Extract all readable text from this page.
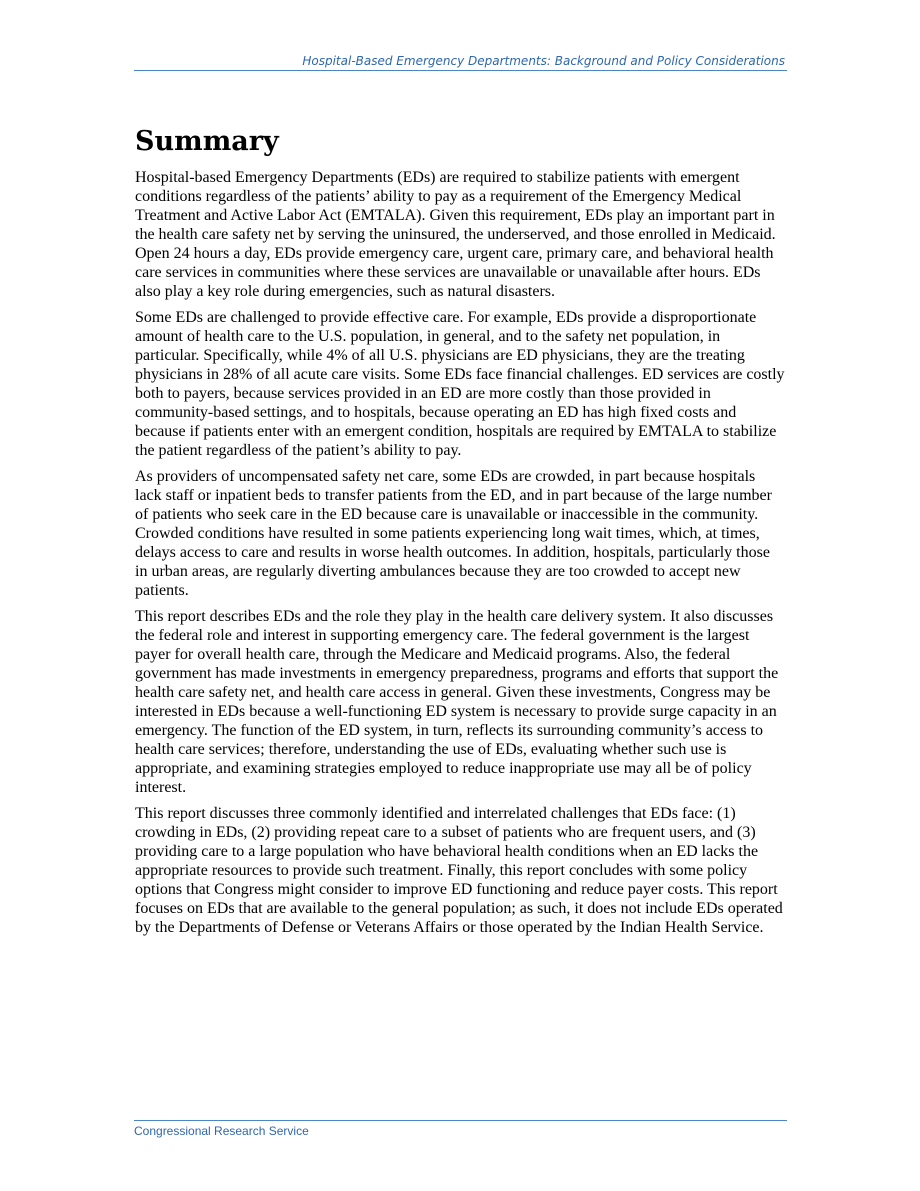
Hospital-Based Emergency Departments: Background and Policy Considerations
Summary

Hospital-based Emergency Departments (EDs) are required to stabilize patients with emergent conditions regardless of the patients’ ability to pay as a requirement of the Emergency Medical Treatment and Active Labor Act (EMTALA). Given this requirement, EDs play an important part in the health care safety net by serving the uninsured, the underserved, and those enrolled in Medicaid. Open 24 hours a day, EDs provide emergency care, urgent care, primary care, and behavioral health care services in communities where these services are unavailable or unavailable after hours. EDs also play a key role during emergencies, such as natural disasters.

Some EDs are challenged to provide effective care. For example, EDs provide a disproportionate amount of health care to the U.S. population, in general, and to the safety net population, in particular. Specifically, while 4% of all U.S. physicians are ED physicians, they are the treating physicians in 28% of all acute care visits. Some EDs face financial challenges. ED services are costly both to payers, because services provided in an ED are more costly than those provided in community-based settings, and to hospitals, because operating an ED has high fixed costs and because if patients enter with an emergent condition, hospitals are required by EMTALA to stabilize the patient regardless of the patient’s ability to pay.

As providers of uncompensated safety net care, some EDs are crowded, in part because hospitals lack staff or inpatient beds to transfer patients from the ED, and in part because of the large number of patients who seek care in the ED because care is unavailable or inaccessible in the community. Crowded conditions have resulted in some patients experiencing long wait times, which, at times, delays access to care and results in worse health outcomes. In addition, hospitals, particularly those in urban areas, are regularly diverting ambulances because they are too crowded to accept new patients.

This report describes EDs and the role they play in the health care delivery system. It also discusses the federal role and interest in supporting emergency care. The federal government is the largest payer for overall health care, through the Medicare and Medicaid programs. Also, the federal government has made investments in emergency preparedness, programs and efforts that support the health care safety net, and health care access in general. Given these investments, Congress may be interested in EDs because a well-functioning ED system is necessary to provide surge capacity in an emergency. The function of the ED system, in turn, reflects its surrounding community’s access to health care services; therefore, understanding the use of EDs, evaluating whether such use is appropriate, and examining strategies employed to reduce inappropriate use may all be of policy interest.

This report discusses three commonly identified and interrelated challenges that EDs face: (1) crowding in EDs, (2) providing repeat care to a subset of patients who are frequent users, and (3) providing care to a large population who have behavioral health conditions when an ED lacks the appropriate resources to provide such treatment. Finally, this report concludes with some policy options that Congress might consider to improve ED functioning and reduce payer costs. This report focuses on EDs that are available to the general population; as such, it does not include EDs operated by the Departments of Defense or Veterans Affairs or those operated by the Indian Health Service.

Congressional Research Service
